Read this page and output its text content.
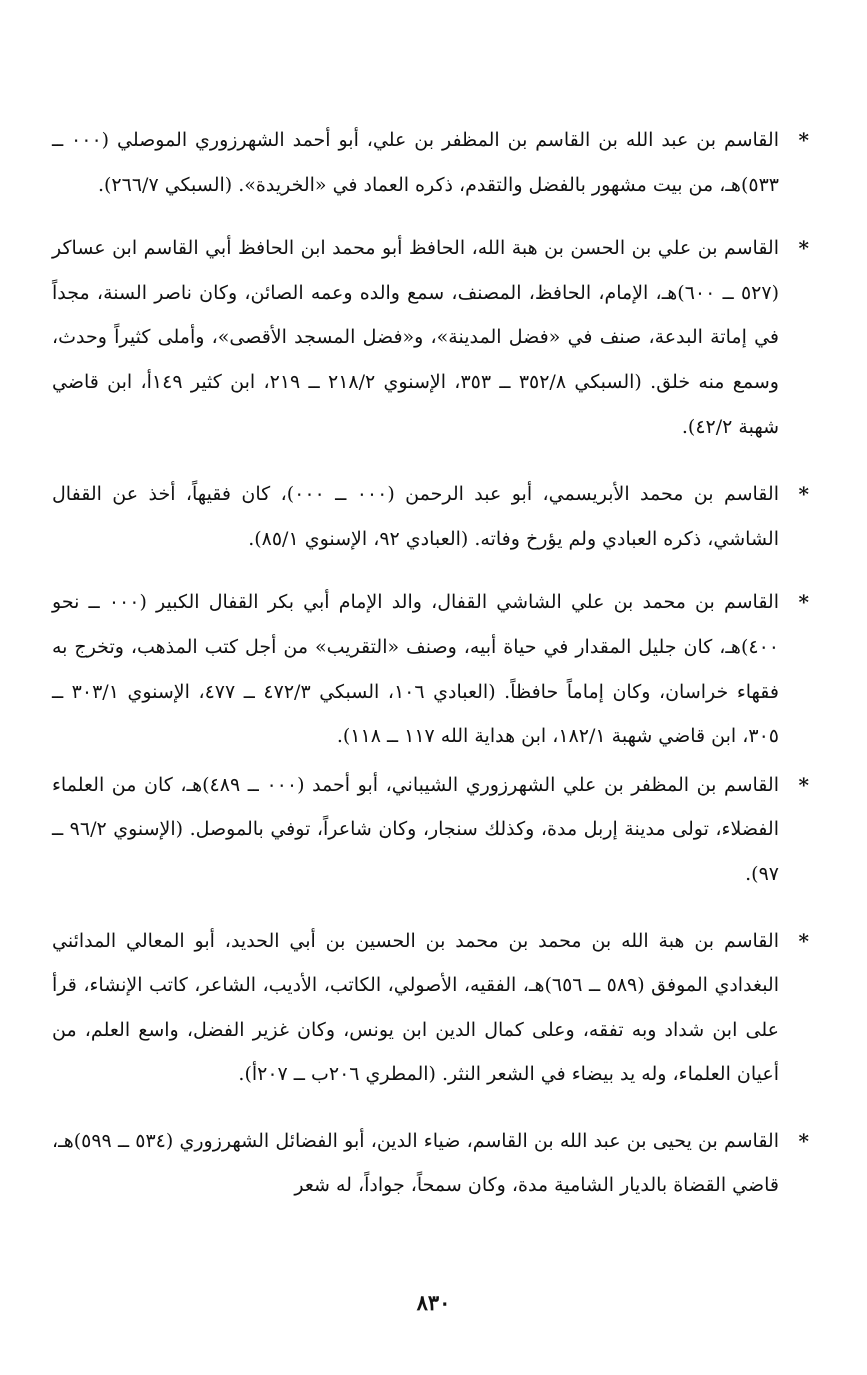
*
القاسم بن عبد الله بن القاسم بن المظفر بن علي، أبو أحمد الشهرزوري الموصلي (٠٠٠ ــ ٥٣٣)هـ، من بيت مشهور بالفضل والتقدم، ذكره العماد في «الخريدة». (السبكي ٢٦٦/٧).

*
القاسم بن علي بن الحسن بن هبة الله، الحافظ أبو محمد ابن الحافظ أبي القاسم ابن عساكر (٥٢٧ ــ ٦٠٠)هـ، الإمام، الحافظ، المصنف، سمع والده وعمه الصائن، وكان ناصر السنة، مجداً في إماتة البدعة، صنف في «فضل المدينة»، و«فضل المسجد الأقصى»، وأملى كثيراً وحدث، وسمع منه خلق. (السبكي ٣٥٢/٨ ــ ٣٥٣، الإسنوي ٢١٨/٢ ــ ٢١٩، ابن كثير ١٤٩أ، ابن قاضي شهبة ٤٢/٢).

*
القاسم بن محمد الأبريسمي، أبو عبد الرحمن (٠٠٠ ــ ٠٠٠)، كان فقيهاً، أخذ عن القفال الشاشي، ذكره العبادي ولم يؤرخ وفاته. (العبادي ٩٢، الإسنوي ٨٥/١).

*
القاسم بن محمد بن علي الشاشي القفال، والد الإمام أبي بكر القفال الكبير (٠٠٠ ــ نحو ٤٠٠)هـ، كان جليل المقدار في حياة أبيه، وصنف «التقريب» من أجل كتب المذهب، وتخرج به فقهاء خراسان، وكان إماماً حافظاً. (العبادي ١٠٦، السبكي ٤٧٢/٣ ــ ٤٧٧، الإسنوي ٣٠٣/١ ــ ٣٠٥، ابن قاضي شهبة ١٨٢/١، ابن هداية الله ١١٧ ــ ١١٨).

*
القاسم بن المظفر بن علي الشهرزوري الشيباني، أبو أحمد (٠٠٠ ــ ٤٨٩)هـ، كان من العلماء الفضلاء، تولى مدينة إربل مدة، وكذلك سنجار، وكان شاعراً، توفي بالموصل. (الإسنوي ٩٦/٢ ــ ٩٧).

*
القاسم بن هبة الله بن محمد بن محمد بن الحسين بن أبي الحديد، أبو المعالي المدائني البغدادي الموفق (٥٨٩ ــ ٦٥٦)هـ، الفقيه، الأصولي، الكاتب، الأديب، الشاعر، كاتب الإنشاء، قرأ على ابن شداد وبه تفقه، وعلى كمال الدين ابن يونس، وكان غزير الفضل، واسع العلم، من أعيان العلماء، وله يد بيضاء في الشعر النثر. (المطري ٢٠٦ب ــ ٢٠٧أ).

*
القاسم بن يحيى بن عبد الله بن القاسم، ضياء الدين، أبو الفضائل الشهرزوري (٥٣٤ ــ ٥٩٩)هـ، قاضي القضاة بالديار الشامية مدة، وكان سمحاً، جواداً، له شعر

٨٣٠
